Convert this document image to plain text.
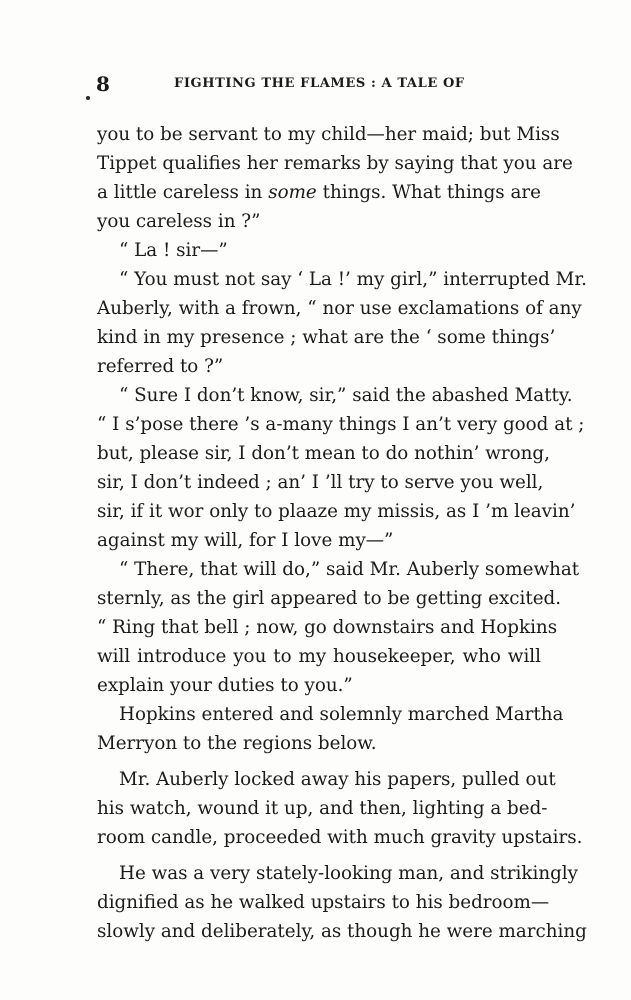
8	FIGHTING THE FLAMES : A TALE OF
you to be servant to my child—her maid; but Miss
Tippet qualifies her remarks by saying that you are
a little careless in some things. What things are
you careless in ?”
“ La ! sir—”
“ You must not say ‘ La !’ my girl,” interrupted Mr.
Auberly, with a frown, “ nor use exclamations of any
kind in my presence ; what are the ‘ some things’
referred to ?”
“ Sure I don’t know, sir,” said the abashed Matty.
“ I s’pose there ’s a-many things I an’t very good at ;
but, please sir, I don’t mean to do nothin’ wrong,
sir, I don’t indeed ; an’ I ’ll try to serve you well,
sir, if it wor only to plaaze my missis, as I ’m leavin’
against my will, for I love my—”
“ There, that will do,” said Mr. Auberly somewhat
sternly, as the girl appeared to be getting excited.
“ Ring that bell ; now, go downstairs and Hopkins
will introduce you to my housekeeper, who will
explain your duties to you.”
Hopkins entered and solemnly marched Martha
Merryon to the regions below.
Mr. Auberly locked away his papers, pulled out
his watch, wound it up, and then, lighting a bed-
room candle, proceeded with much gravity upstairs.
He was a very stately-looking man, and strikingly
dignified as he walked upstairs to his bedroom—
slowly and deliberately, as though he were marching
